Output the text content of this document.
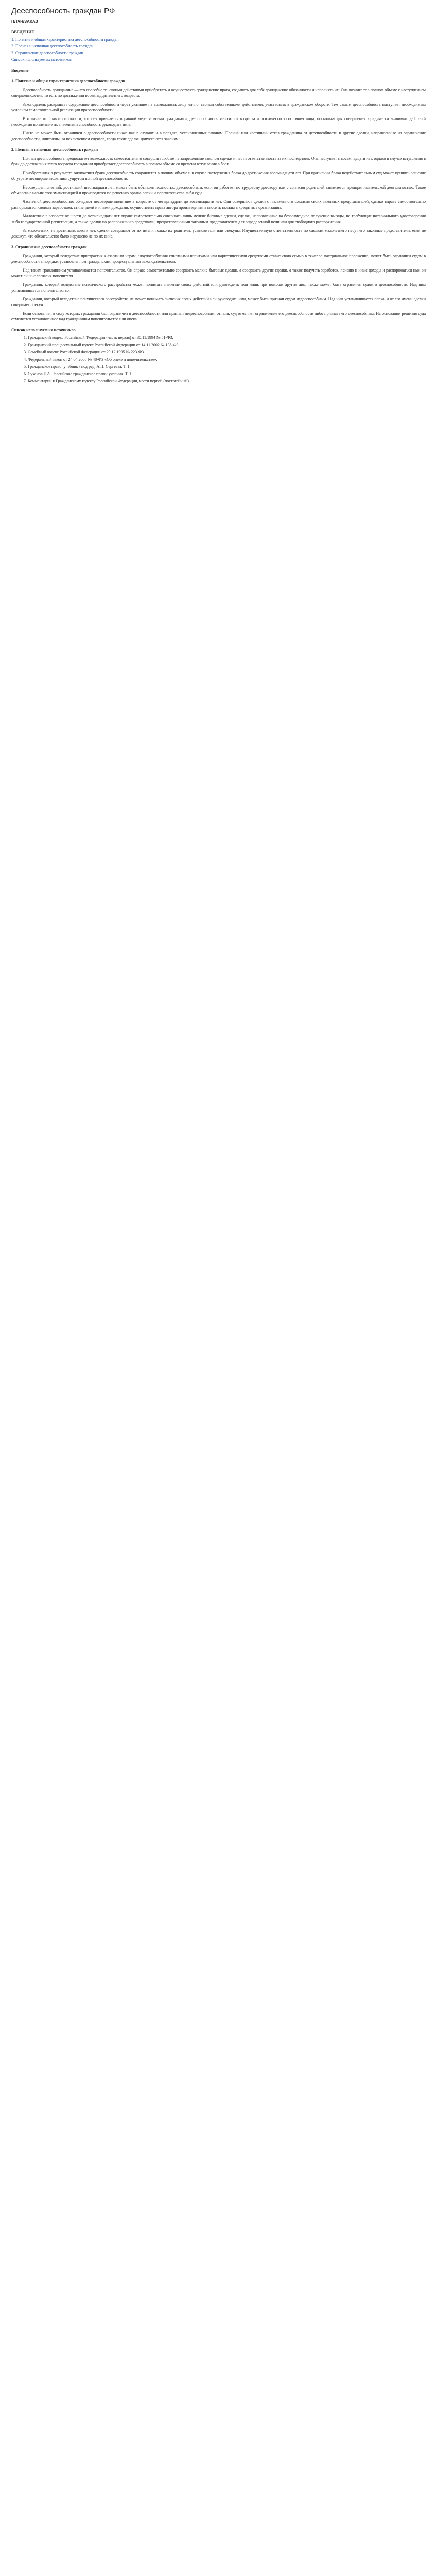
Дееспособность граждан РФ
ПЛАН/ЗАКАЗ
ВВЕДЕНИЕ
1. Понятие и общая характеристика дееспособности граждан
2. Полная и неполная дееспособность граждан
3. Ограничение дееспособности граждан
Список используемых источников
Введение
1. Понятие и общая характеристика дееспособности граждан

Дееспособность гражданина — это способность своими действиями приобретать и осуществлять гражданские права, создавать для себя гражданские обязанности и исполнять их. Она возникает в полном объеме с наступлением совершеннолетия, то есть по достижении восемнадцатилетнего возраста.

Законодатель раскрывает содержание дееспособности через указание на возможность лица лично, своими собственными действиями, участвовать в гражданском обороте. Тем самым дееспособность выступает необходимым условием самостоятельной реализации правоспособности.

В отличие от правоспособности, которая признается в равной мере за всеми гражданами, дееспособность зависит от возраста и психического состояния лица, поскольку для совершения юридически значимых действий необходимо понимание их значения и способность руководить ими.

Никто не может быть ограничен в дееспособности иначе как в случаях и в порядке, установленных законом. Полный или частичный отказ гражданина от дееспособности и другие сделки, направленные на ограничение дееспособности, ничтожны, за исключением случаев, когда такие сделки допускаются законом.

2. Полная и неполная дееспособность граждан

Полная дееспособность предполагает возможность самостоятельно совершать любые не запрещенные законом сделки и нести ответственность за их последствия. Она наступает с восемнадцати лет, однако в случае вступления в брак до достижения этого возраста гражданин приобретает дееспособность в полном объеме со времени вступления в брак.

Приобретенная в результате заключения брака дееспособность сохраняется в полном объеме и в случае расторжения брака до достижения восемнадцати лет. При признании брака недействительным суд может принять решение об утрате несовершеннолетним супругом полной дееспособности.

Несовершеннолетний, достигший шестнадцати лет, может быть объявлен полностью дееспособным, если он работает по трудовому договору или с согласия родителей занимается предпринимательской деятельностью. Такое объявление называется эмансипацией и производится по решению органа опеки и попечительства либо суда.

Частичной дееспособностью обладают несовершеннолетние в возрасте от четырнадцати до восемнадцати лет. Они совершают сделки с письменного согласия своих законных представителей, однако вправе самостоятельно распоряжаться своими заработком, стипендией и иными доходами, осуществлять права автора произведения и вносить вклады в кредитные организации.

Малолетние в возрасте от шести до четырнадцати лет вправе самостоятельно совершать лишь мелкие бытовые сделки, сделки, направленные на безвозмездное получение выгоды, не требующие нотариального удостоверения либо государственной регистрации, а также сделки по распоряжению средствами, предоставленными законным представителем для определенной цели или для свободного распоряжения.

За малолетних, не достигших шести лет, сделки совершают от их имени только их родители, усыновители или опекуны. Имущественную ответственность по сделкам малолетнего несут его законные представители, если не докажут, что обязательство было нарушено не по их вине.

3. Ограничение дееспособности граждан

Гражданин, который вследствие пристрастия к азартным играм, злоупотребления спиртными напитками или наркотическими средствами ставит свою семью в тяжелое материальное положение, может быть ограничен судом в дееспособности в порядке, установленном гражданским процессуальным законодательством.

Над таким гражданином устанавливается попечительство. Он вправе самостоятельно совершать мелкие бытовые сделки, а совершать другие сделки, а также получать заработок, пенсию и иные доходы и распоряжаться ими он может лишь с согласия попечителя.

Гражданин, который вследствие психического расстройства может понимать значение своих действий или руководить ими лишь при помощи других лиц, также может быть ограничен судом в дееспособности. Над ним устанавливается попечительство.

Гражданин, который вследствие психического расстройства не может понимать значения своих действий или руководить ими, может быть признан судом недееспособным. Над ним устанавливается опека, и от его имени сделки совершает опекун.

Если основания, в силу которых гражданин был ограничен в дееспособности или признан недееспособным, отпали, суд отменяет ограничение его дееспособности либо признает его дееспособным. На основании решения суда отменяется установленное над гражданином попечительство или опека.

Список используемых источников
1. Гражданский кодекс Российской Федерации (часть первая) от 30.11.1994 № 51-ФЗ.
2. Гражданский процессуальный кодекс Российской Федерации от 14.11.2002 № 138-ФЗ.
3. Семейный кодекс Российской Федерации от 29.12.1995 № 223-ФЗ.
4. Федеральный закон от 24.04.2008 № 48-ФЗ «Об опеке и попечительстве».
5. Гражданское право: учебник / под ред. А.П. Сергеева. Т. 1.
6. Суханов Е.А. Российское гражданское право: учебник. Т. 1.
7. Комментарий к Гражданскому кодексу Российской Федерации, части первой (постатейный).
